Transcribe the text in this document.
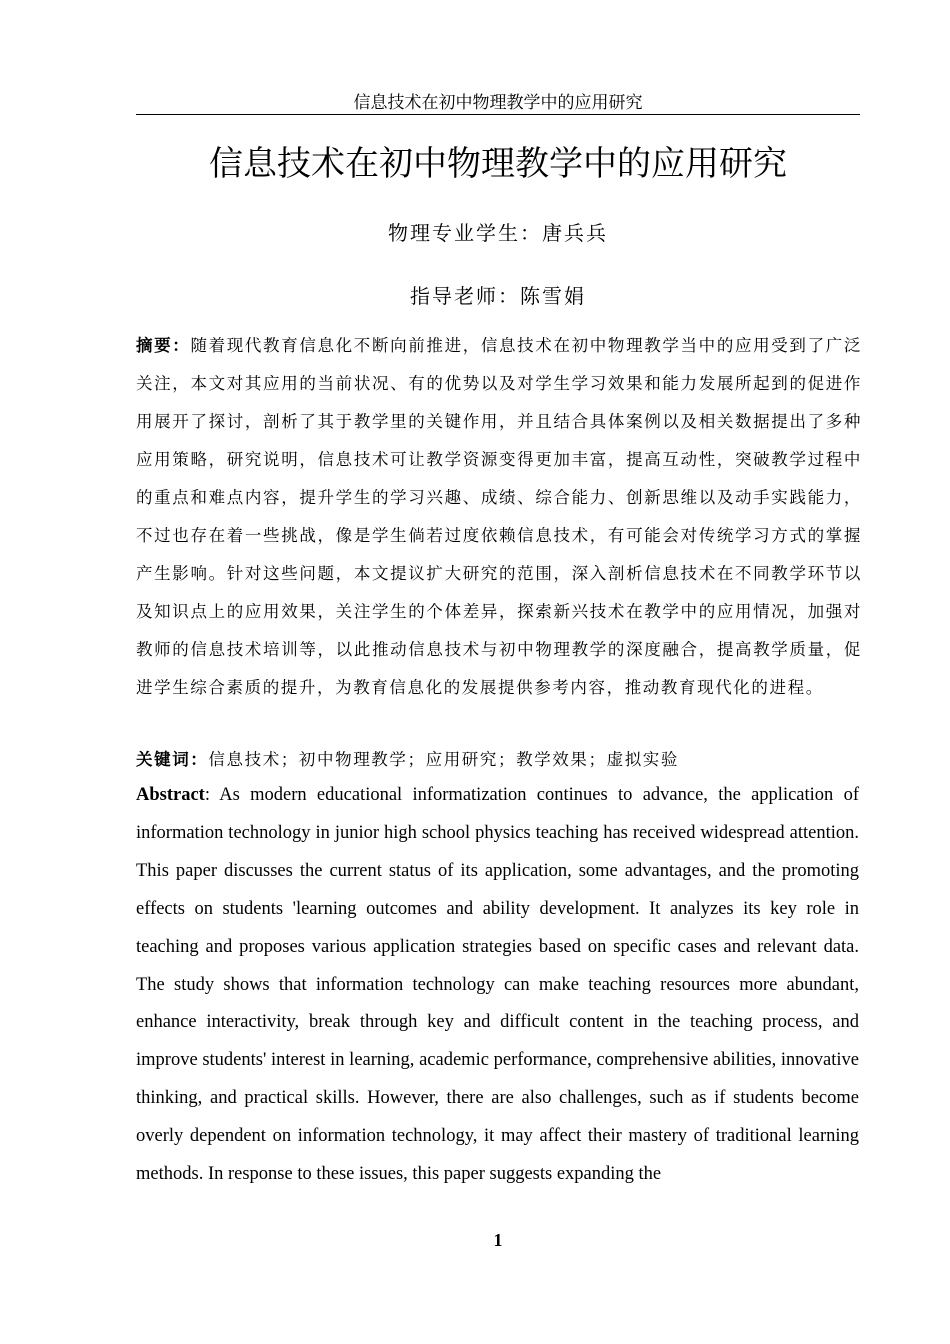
信息技术在初中物理教学中的应用研究
信息技术在初中物理教学中的应用研究
物理专业学生：唐兵兵
指导老师：陈雪娟
摘要：随着现代教育信息化不断向前推进，信息技术在初中物理教学当中的应用受到了广泛关注，本文对其应用的当前状况、有的优势以及对学生学习效果和能力发展所起到的促进作用展开了探讨，剖析了其于教学里的关键作用，并且结合具体案例以及相关数据提出了多种应用策略，研究说明，信息技术可让教学资源变得更加丰富，提高互动性，突破教学过程中的重点和难点内容，提升学生的学习兴趣、成绩、综合能力、创新思维以及动手实践能力，不过也存在着一些挑战，像是学生倘若过度依赖信息技术，有可能会对传统学习方式的掌握产生影响。针对这些问题，本文提议扩大研究的范围，深入剖析信息技术在不同教学环节以及知识点上的应用效果，关注学生的个体差异，探索新兴技术在教学中的应用情况，加强对教师的信息技术培训等，以此推动信息技术与初中物理教学的深度融合，提高教学质量，促进学生综合素质的提升，为教育信息化的发展提供参考内容，推动教育现代化的进程。
关键词：信息技术；初中物理教学；应用研究；教学效果；虚拟实验
Abstract: As modern educational informatization continues to advance, the application of information technology in junior high school physics teaching has received widespread attention. This paper discusses the current status of its application, some advantages, and the promoting effects on students 'learning outcomes and ability development. It analyzes its key role in teaching and proposes various application strategies based on specific cases and relevant data. The study shows that information technology can make teaching resources more abundant, enhance interactivity, break through key and difficult content in the teaching process, and improve students' interest in learning, academic performance, comprehensive abilities, innovative thinking, and practical skills. However, there are also challenges, such as if students become overly dependent on information technology, it may affect their mastery of traditional learning methods. In response to these issues, this paper suggests expanding the
1
